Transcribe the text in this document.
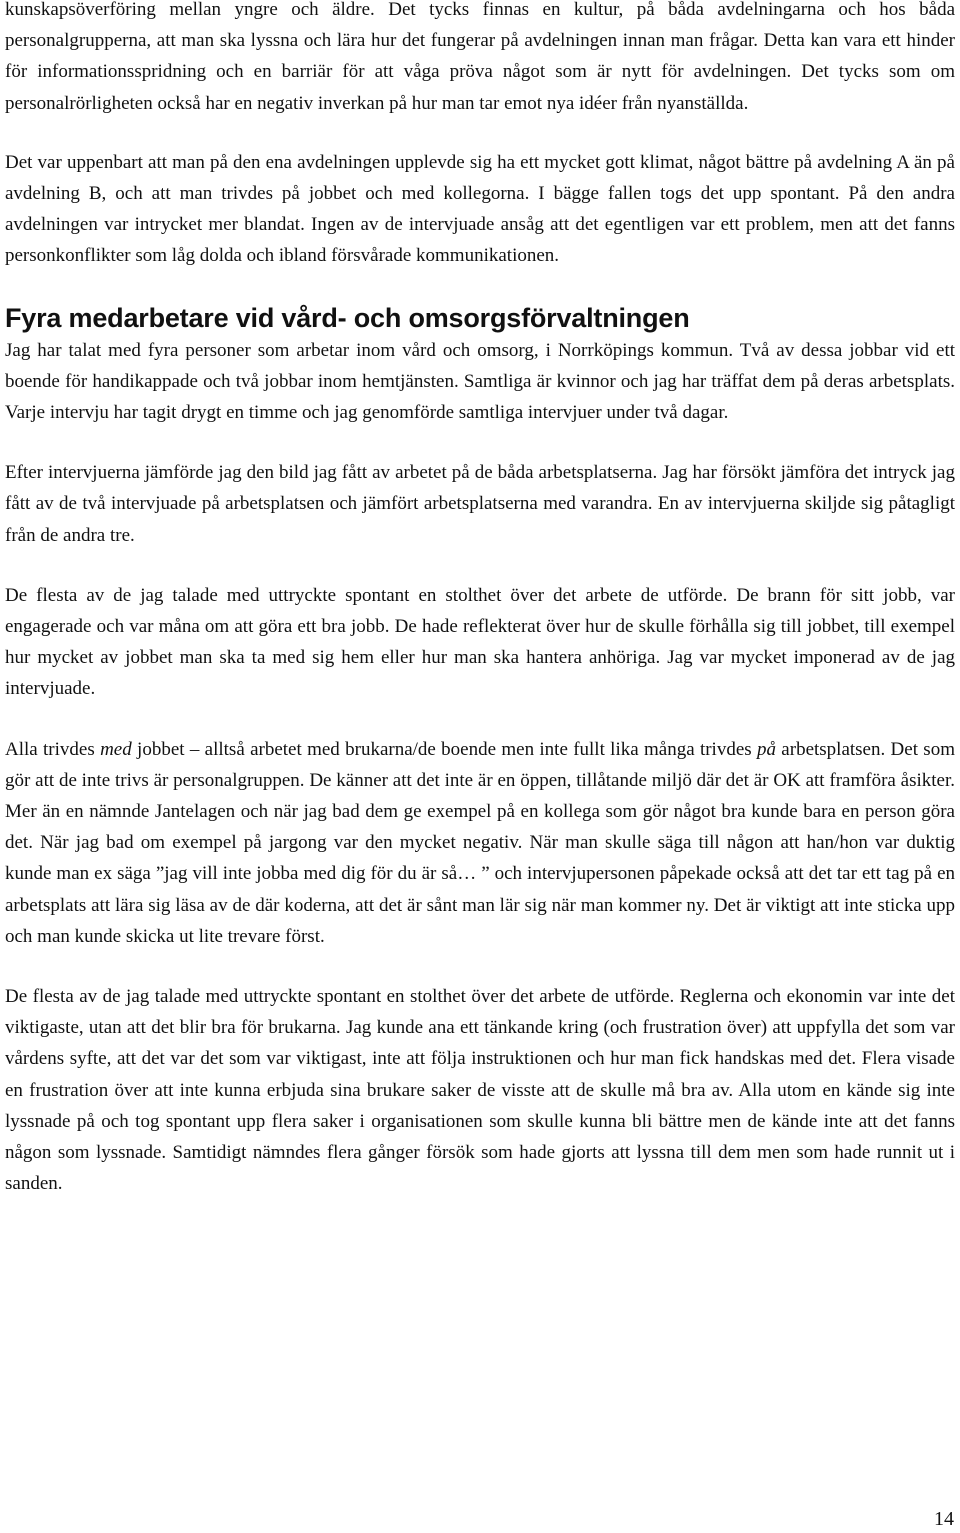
kunskapsöverföring mellan yngre och äldre. Det tycks finnas en kultur, på båda avdelningarna och hos båda personalgrupperna, att man ska lyssna och lära hur det fungerar på avdelningen innan man frågar. Detta kan vara ett hinder för informationsspridning och en barriär för att våga pröva något som är nytt för avdelningen. Det tycks som om personalrörligheten också har en negativ inverkan på hur man tar emot nya idéer från nyanställda.

Det var uppenbart att man på den ena avdelningen upplevde sig ha ett mycket gott klimat, något bättre på avdelning A än på avdelning B, och att man trivdes på jobbet och med kollegorna. I bägge fallen togs det upp spontant. På den andra avdelningen var intrycket mer blandat. Ingen av de intervjuade ansåg att det egentligen var ett problem, men att det fanns personkonflikter som låg dolda och ibland försvårade kommunikationen.

Fyra medarbetare vid vård- och omsorgsförvaltningen

Jag har talat med fyra personer som arbetar inom vård och omsorg, i Norrköpings kommun. Två av dessa jobbar vid ett boende för handikappade och två jobbar inom hemtjänsten. Samtliga är kvinnor och jag har träffat dem på deras arbetsplats. Varje intervju har tagit drygt en timme och jag genomförde samtliga intervjuer under två dagar.

Efter intervjuerna jämförde jag den bild jag fått av arbetet på de båda arbetsplatserna. Jag har försökt jämföra det intryck jag fått av de två intervjuade på arbetsplatsen och jämfört arbetsplatserna med varandra. En av intervjuerna skiljde sig påtagligt från de andra tre.

De flesta av de jag talade med uttryckte spontant en stolthet över det arbete de utförde. De brann för sitt jobb, var engagerade och var måna om att göra ett bra jobb. De hade reflekterat över hur de skulle förhålla sig till jobbet, till exempel hur mycket av jobbet man ska ta med sig hem eller hur man ska hantera anhöriga. Jag var mycket imponerad av de jag intervjuade.

Alla trivdes med jobbet – alltså arbetet med brukarna/de boende men inte fullt lika många trivdes på arbetsplatsen. Det som gör att de inte trivs är personalgruppen. De känner att det inte är en öppen, tillåtande miljö där det är OK att framföra åsikter. Mer än en nämnde Jantelagen och när jag bad dem ge exempel på en kollega som gör något bra kunde bara en person göra det. När jag bad om exempel på jargong var den mycket negativ. När man skulle säga till någon att han/hon var duktig kunde man ex säga ”jag vill inte jobba med dig för du är så… ” och intervjupersonen påpekade också att det tar ett tag på en arbetsplats att lära sig läsa av de där koderna, att det är sånt man lär sig när man kommer ny. Det är viktigt att inte sticka upp och man kunde skicka ut lite trevare först.

De flesta av de jag talade med uttryckte spontant en stolthet över det arbete de utförde. Reglerna och ekonomin var inte det viktigaste, utan att det blir bra för brukarna. Jag kunde ana ett tänkande kring (och frustration över) att uppfylla det som var vårdens syfte, att det var det som var viktigast, inte att följa instruktionen och hur man fick handskas med det. Flera visade en frustration över att inte kunna erbjuda sina brukare saker de visste att de skulle må bra av. Alla utom en kände sig inte lyssnade på och tog spontant upp flera saker i organisationen som skulle kunna bli bättre men de kände inte att det fanns någon som lyssnade. Samtidigt nämndes flera gånger försök som hade gjorts att lyssna till dem men som hade runnit ut i sanden.

14
